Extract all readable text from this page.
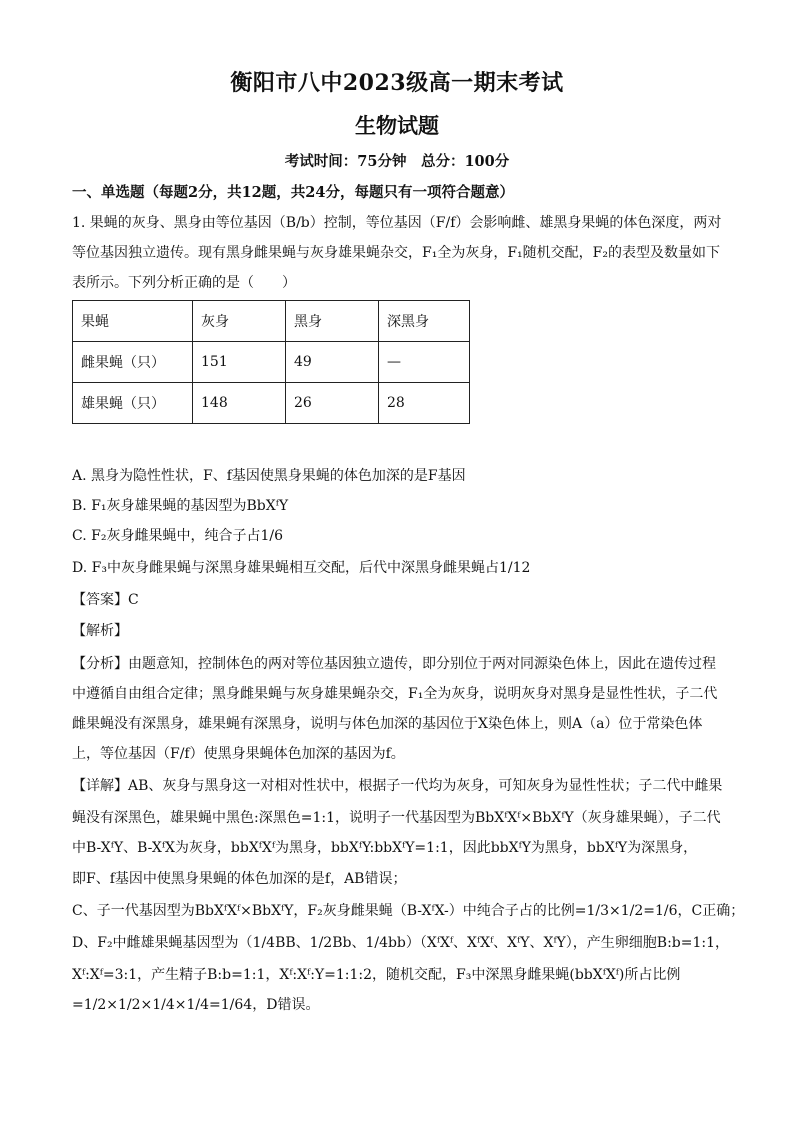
衡阳市八中2023级高一期末考试
生物试题
考试时间：75分钟　总分：100分
一、单选题（每题2分，共12题，共24分，每题只有一项符合题意）
1. 果蝇的灰身、黑身由等位基因（B/b）控制，等位基因（F/f）会影响雌、雄黑身果蝇的体色深度，两对
等位基因独立遗传。现有黑身雌果蝇与灰身雄果蝇杂交，F₁全为灰身，F₁随机交配，F₂的表型及数量如下
表所示。下列分析正确的是（　　）
果蝇	灰身	黑身	深黑身
雌果蝇（只）	151	49	—
雄果蝇（只）	148	26	28
A. 黑身为隐性性状，F、f基因使黑身果蝇的体色加深的是F基因
B. F₁灰身雄果蝇的基因型为BbXᶠY
C. F₂灰身雌果蝇中，纯合子占1/6
D. F₃中灰身雌果蝇与深黑身雄果蝇相互交配，后代中深黑身雌果蝇占1/12
【答案】C
【解析】
【分析】由题意知，控制体色的两对等位基因独立遗传，即分别位于两对同源染色体上，因此在遗传过程
中遵循自由组合定律；黑身雌果蝇与灰身雄果蝇杂交，F₁全为灰身，说明灰身对黑身是显性性状，子二代
雌果蝇没有深黑身，雄果蝇有深黑身，说明与体色加深的基因位于X染色体上，则A（a）位于常染色体
上，等位基因（F/f）使黑身果蝇体色加深的基因为f。
【详解】AB、灰身与黑身这一对相对性状中，根据子一代均为灰身，可知灰身为显性性状；子二代中雌果
蝇没有深黑色，雄果蝇中黑色:深黑色=1:1，说明子一代基因型为BbXᶠXᶠ×BbXᶠY（灰身雄果蝇），子二代
中B-XᶠY、B-XᶠX为灰身，bbXᶠXᶠ为黑身，bbXᶠY:bbXᶠY=1:1，因此bbXᶠY为黑身，bbXᶠY为深黑身，
即F、f基因中使黑身果蝇的体色加深的是f，AB错误；
C、子一代基因型为BbXᶠXᶠ×BbXᶠY，F₂灰身雌果蝇（B-XᶠX-）中纯合子占的比例=1/3×1/2=1/6，C正确；
D、F₂中雌雄果蝇基因型为（1/4BB、1/2Bb、1/4bb）（XᶠXᶠ、XᶠXᶠ、XᶠY、XᶠY），产生卵细胞B:b=1:1，
Xᶠ:Xᶠ=3:1，产生精子B:b=1:1，Xᶠ:Xᶠ:Y=1:1:2，随机交配，F₃中深黑身雌果蝇(bbXᶠXᶠ)所占比例
=1/2×1/2×1/4×1/4=1/64，D错误。
